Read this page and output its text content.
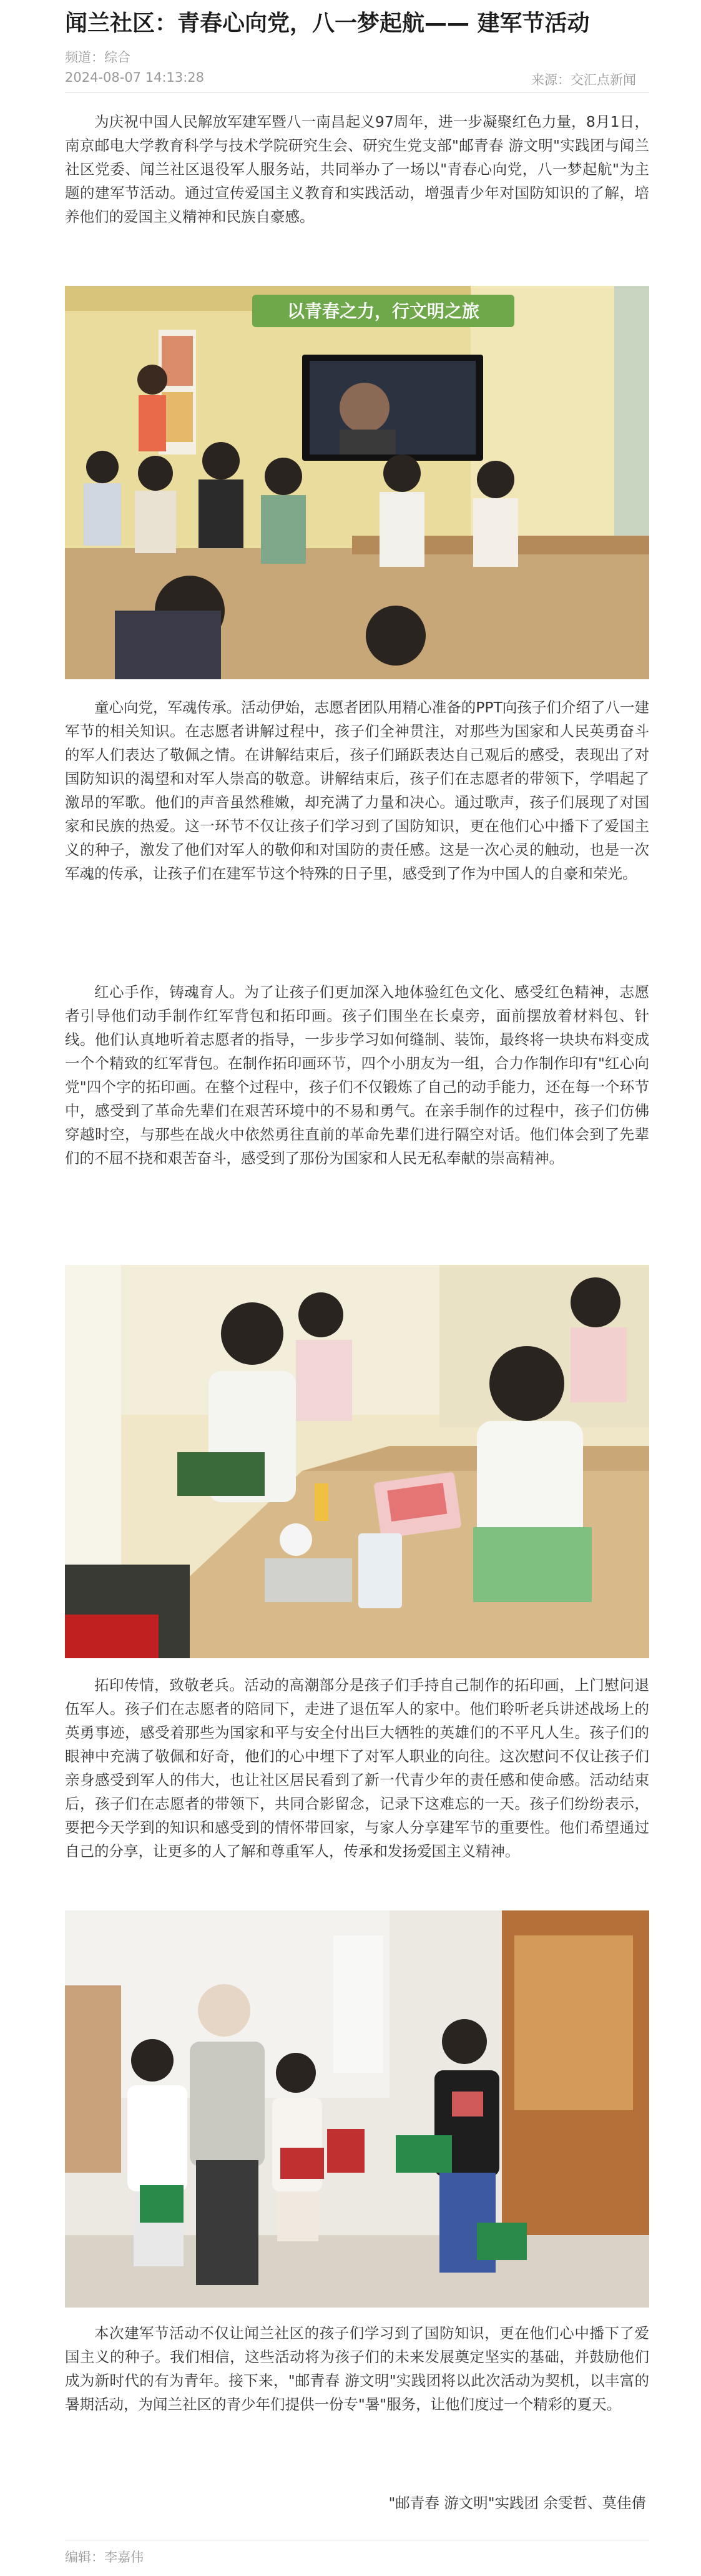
闻兰社区：青春心向党，八一梦起航—— 建军节活动
频道：综合
2024-08-07 14:13:28	来源：交汇点新闻

为庆祝中国人民解放军建军暨八一南昌起义97周年，进一步凝聚红色力量，8月1日，南京邮电大学教育科学与技术学院研究生会、研究生党支部"邮青春 游文明"实践团与闻兰社区党委、闻兰社区退役军人服务站，共同举办了一场以"青春心向党，八一梦起航"为主题的建军节活动。通过宣传爱国主义教育和实践活动，增强青少年对国防知识的了解，培养他们的爱国主义精神和民族自豪感。

以青春之力，行文明之旅

童心向党，军魂传承。活动伊始，志愿者团队用精心准备的PPT向孩子们介绍了八一建军节的相关知识。在志愿者讲解过程中，孩子们全神贯注，对那些为国家和人民英勇奋斗的军人们表达了敬佩之情。在讲解结束后，孩子们踊跃表达自己观后的感受，表现出了对国防知识的渴望和对军人崇高的敬意。讲解结束后，孩子们在志愿者的带领下，学唱起了激昂的军歌。他们的声音虽然稚嫩，却充满了力量和决心。通过歌声，孩子们展现了对国家和民族的热爱。这一环节不仅让孩子们学习到了国防知识，更在他们心中播下了爱国主义的种子，激发了他们对军人的敬仰和对国防的责任感。这是一次心灵的触动，也是一次军魂的传承，让孩子们在建军节这个特殊的日子里，感受到了作为中国人的自豪和荣光。

红心手作，铸魂育人。为了让孩子们更加深入地体验红色文化、感受红色精神，志愿者引导他们动手制作红军背包和拓印画。孩子们围坐在长桌旁，面前摆放着材料包、针线。他们认真地听着志愿者的指导，一步步学习如何缝制、装饰，最终将一块块布料变成一个个精致的红军背包。在制作拓印画环节，四个小朋友为一组，合力作制作印有"红心向党"四个字的拓印画。在整个过程中，孩子们不仅锻炼了自己的动手能力，还在每一个环节中，感受到了革命先辈们在艰苦环境中的不易和勇气。在亲手制作的过程中，孩子们仿佛穿越时空，与那些在战火中依然勇往直前的革命先辈们进行隔空对话。他们体会到了先辈们的不屈不挠和艰苦奋斗，感受到了那份为国家和人民无私奉献的崇高精神。

拓印传情，致敬老兵。活动的高潮部分是孩子们手持自己制作的拓印画，上门慰问退伍军人。孩子们在志愿者的陪同下，走进了退伍军人的家中。他们聆听老兵讲述战场上的英勇事迹，感受着那些为国家和平与安全付出巨大牺牲的英雄们的不平凡人生。孩子们的眼神中充满了敬佩和好奇，他们的心中埋下了对军人职业的向往。这次慰问不仅让孩子们亲身感受到军人的伟大，也让社区居民看到了新一代青少年的责任感和使命感。活动结束后，孩子们在志愿者的带领下，共同合影留念，记录下这难忘的一天。孩子们纷纷表示，要把今天学到的知识和感受到的情怀带回家，与家人分享建军节的重要性。他们希望通过自己的分享，让更多的人了解和尊重军人，传承和发扬爱国主义精神。

本次建军节活动不仅让闻兰社区的孩子们学习到了国防知识，更在他们心中播下了爱国主义的种子。我们相信，这些活动将为孩子们的未来发展奠定坚实的基础，并鼓励他们成为新时代的有为青年。接下来，"邮青春 游文明"实践团将以此次活动为契机，以丰富的暑期活动，为闻兰社区的青少年们提供一份专"暑"服务，让他们度过一个精彩的夏天。

"邮青春 游文明"实践团 余雯哲、莫佳倩
编辑：李嘉伟
